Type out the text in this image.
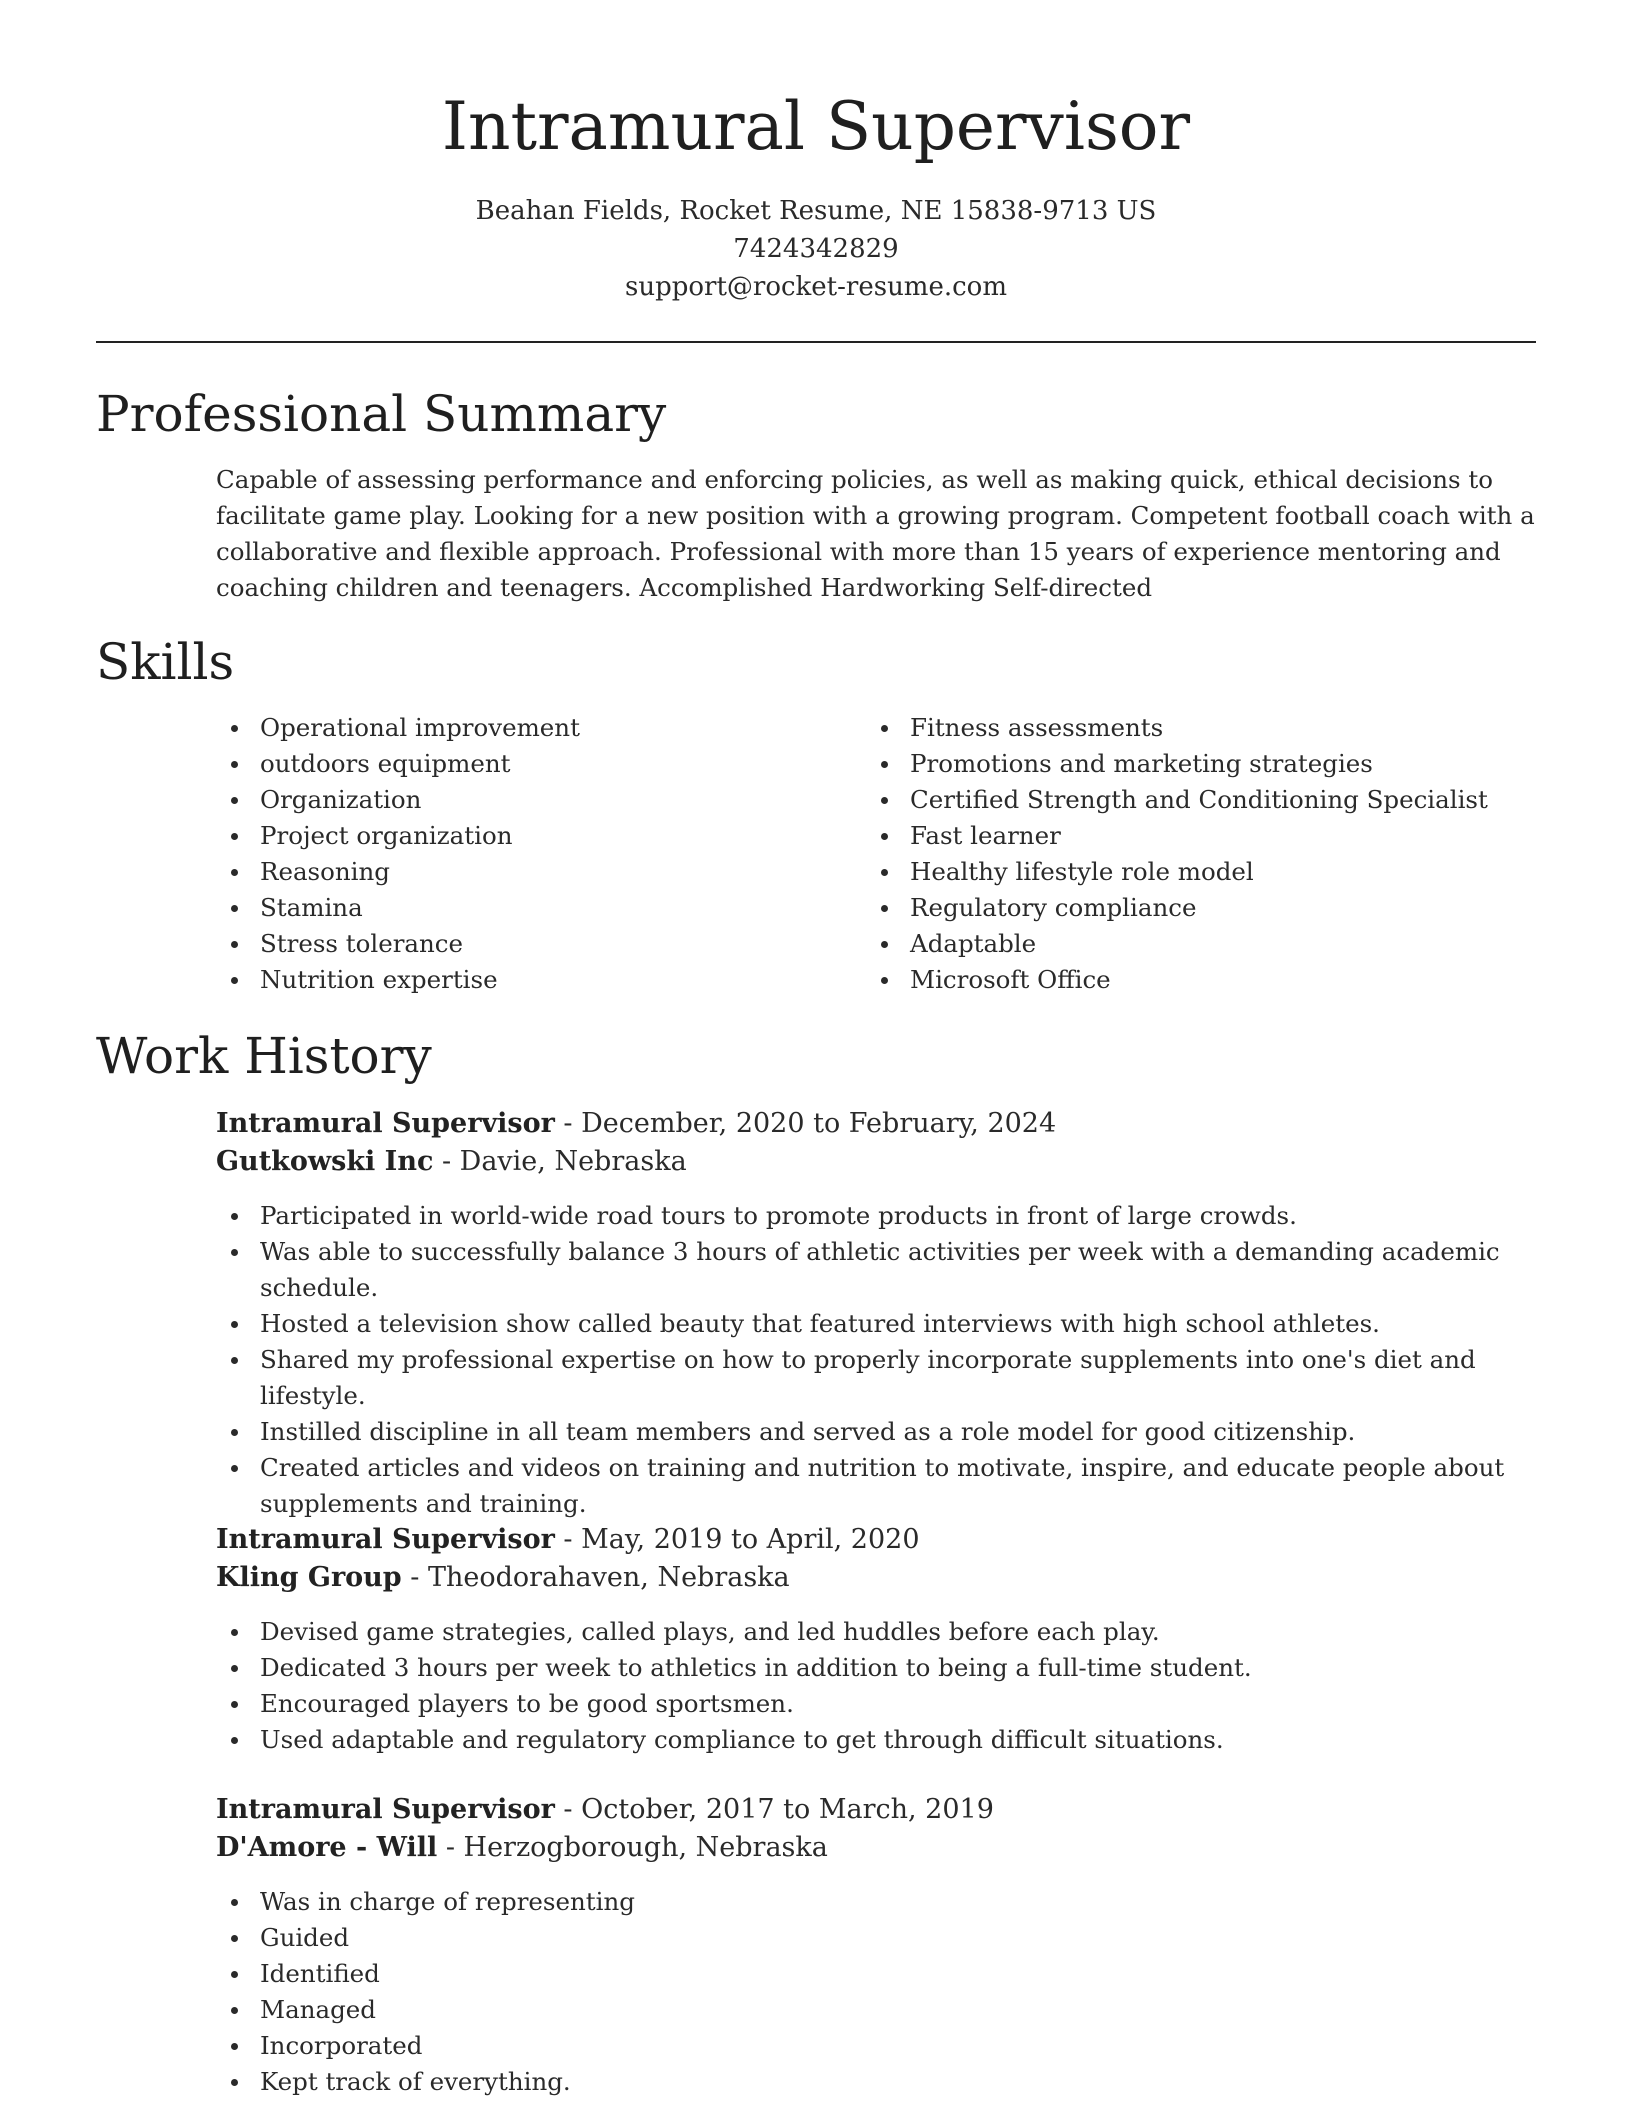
Intramural Supervisor
Beahan Fields, Rocket Resume, NE 15838-9713 US
7424342829
support@rocket-resume.com
Professional Summary

Capable of assessing performance and enforcing policies, as well as making quick, ethical decisions to facilitate game play. Looking for a new position with a growing program. Competent football coach with a collaborative and flexible approach. Professional with more than 15 years of experience mentoring and coaching children and teenagers. Accomplished Hardworking Self-directed

Skills
Operational improvement
outdoors equipment
Organization
Project organization
Reasoning
Stamina
Stress tolerance
Nutrition expertise
Fitness assessments
Promotions and marketing strategies
Certified Strength and Conditioning Specialist
Fast learner
Healthy lifestyle role model
Regulatory compliance
Adaptable
Microsoft Office
Work History
Intramural Supervisor - December, 2020 to February, 2024
Gutkowski Inc - Davie, Nebraska
Participated in world-wide road tours to promote products in front of large crowds.
Was able to successfully balance 3 hours of athletic activities per week with a demanding academic schedule.
Hosted a television show called beauty that featured interviews with high school athletes.
Shared my professional expertise on how to properly incorporate supplements into one's diet and lifestyle.
Instilled discipline in all team members and served as a role model for good citizenship.
Created articles and videos on training and nutrition to motivate, inspire, and educate people about supplements and training.
Intramural Supervisor - May, 2019 to April, 2020
Kling Group - Theodorahaven, Nebraska
Devised game strategies, called plays, and led huddles before each play.
Dedicated 3 hours per week to athletics in addition to being a full-time student.
Encouraged players to be good sportsmen.
Used adaptable and regulatory compliance to get through difficult situations.
Intramural Supervisor - October, 2017 to March, 2019
D'Amore - Will - Herzogborough, Nebraska
Was in charge of representing
Guided
Identified
Managed
Incorporated
Kept track of everything.
